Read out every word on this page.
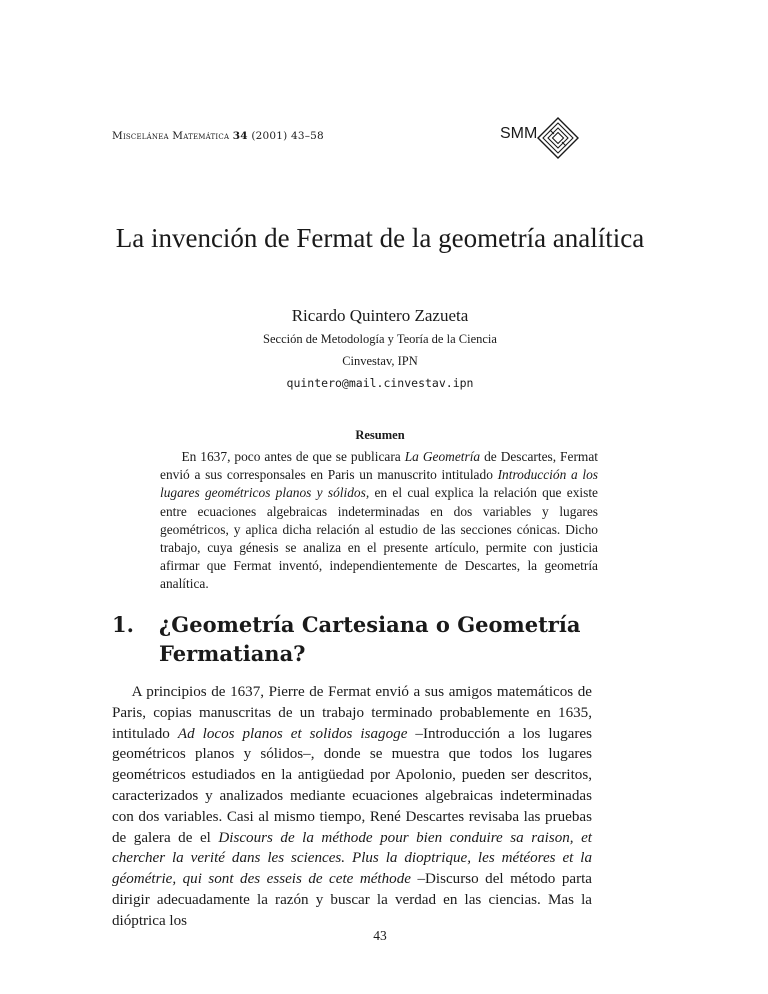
Miscelánea Matemática 34 (2001) 43–58	SMM
La invención de Fermat de la geometría analítica
Ricardo Quintero Zazueta
Sección de Metodología y Teoría de la Ciencia
Cinvestav, IPN
quintero@mail.cinvestav.ipn
Resumen

En 1637, poco antes de que se publicara La Geometría de Descartes, Fermat envió a sus corresponsales en Paris un manuscrito intitulado Introducción a los lugares geométricos planos y sólidos, en el cual explica la relación que existe entre ecuaciones algebraicas indeterminadas en dos variables y lugares geométricos, y aplica dicha relación al estudio de las secciones cónicas. Dicho trabajo, cuya génesis se analiza en el presente artículo, permite con justicia afirmar que Fermat inventó, independientemente de Descartes, la geometría analítica.

1. ¿Geometría Cartesiana o Geometría Fermatiana?

A principios de 1637, Pierre de Fermat envió a sus amigos matemáticos de Paris, copias manuscritas de un trabajo terminado probablemente en 1635, intitulado Ad locos planos et solidos isagoge –Introducción a los lugares geométricos planos y sólidos–, donde se muestra que todos los lugares geométricos estudiados en la antigüedad por Apolonio, pueden ser descritos, caracterizados y analizados mediante ecuaciones algebraicas indeterminadas con dos variables. Casi al mismo tiempo, René Descartes revisaba las pruebas de galera de el Discours de la méthode pour bien conduire sa raison, et chercher la verité dans les sciences. Plus la dioptrique, les météores et la géométrie, qui sont des esseis de cete méthode –Discurso del método parta dirigir adecuadamente la razón y buscar la verdad en las ciencias. Mas la dióptrica los

43
